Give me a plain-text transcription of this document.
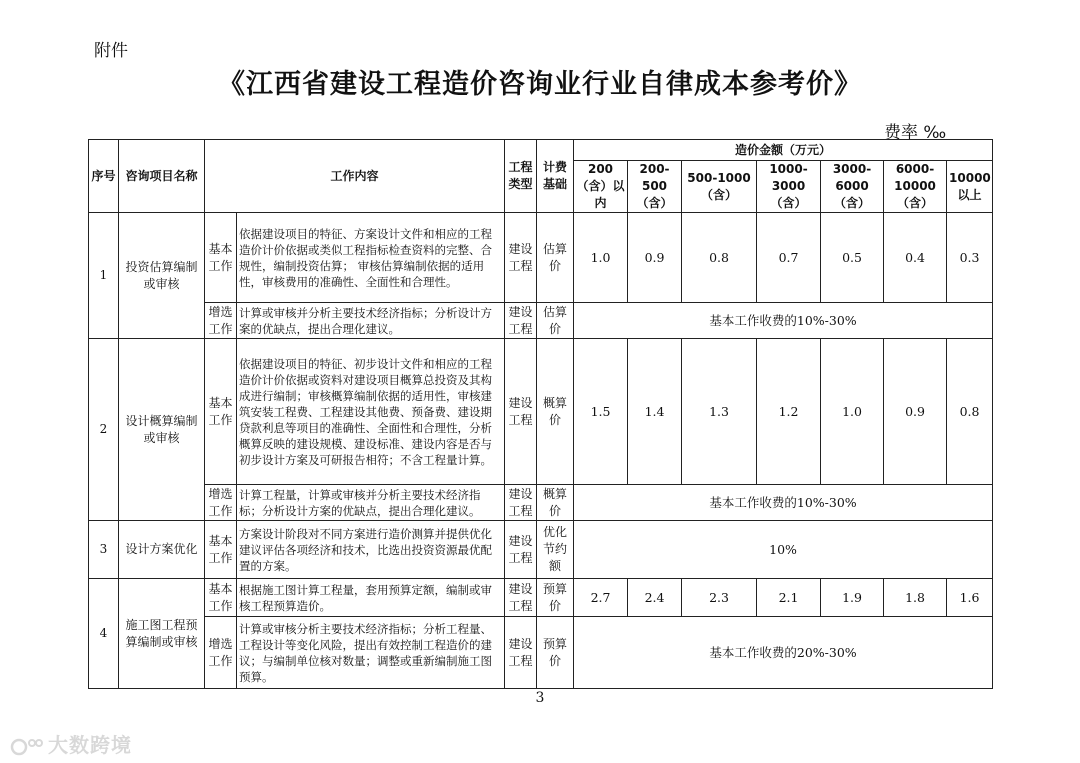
附件
《江西省建设工程造价咨询业行业自律成本参考价》
费率 ‰
序号	咨询项目名称	工作内容		工程类型	计费基础	造价金额（万元）						
						200（含）以内	200-500（含）	500-1000（含）	1000-3000（含）	3000-6000（含）	6000-10000（含）	10000以上
1	投资估算编制或审核	基本工作	依据建设项目的特征、方案设计文件和相应的工程造价计价依据或类似工程指标检查资料的完整、合规性，编制投资估算； 审核估算编制依据的适用性，审核费用的准确性、全面性和合理性。	建设工程	估算价	1.0	0.9	0.8	0.7	0.5	0.4	0.3
		增选工作	计算或审核并分析主要技术经济指标；分析设计方案的优缺点，提出合理化建议。	建设工程	估算价	基本工作收费的10%-30%						
2	设计概算编制或审核	基本工作	依据建设项目的特征、初步设计文件和相应的工程造价计价依据或资料对建设项目概算总投资及其构成进行编制；审核概算编制依据的适用性，审核建筑安装工程费、工程建设其他费、预备费、建设期贷款利息等项目的准确性、全面性和合理性，分析概算反映的建设规模、建设标准、建设内容是否与初步设计方案及可研报告相符；不含工程量计算。	建设工程	概算价	1.5	1.4	1.3	1.2	1.0	0.9	0.8
		增选工作	计算工程量，计算或审核并分析主要技术经济指标；分析设计方案的优缺点，提出合理化建议。	建设工程	概算价	基本工作收费的10%-30%						
3	设计方案优化	基本工作	方案设计阶段对不同方案进行造价测算并提供优化建议评估各项经济和技术，比选出投资资源最优配置的方案。	建设工程	优化节约额	10%						
4	施工图工程预算编制或审核	基本工作	根据施工图计算工程量，套用预算定额，编制或审核工程预算造价。	建设工程	预算价	2.7	2.4	2.3	2.1	1.9	1.8	1.6
		增选工作	计算或审核分析主要技术经济指标；分析工程量、工程设计等变化风险，提出有效控制工程造价的建议；与编制单位核对数量；调整或重新编制施工图预算。	建设工程	预算价	基本工作收费的20%-30%						
3
大数跨境
